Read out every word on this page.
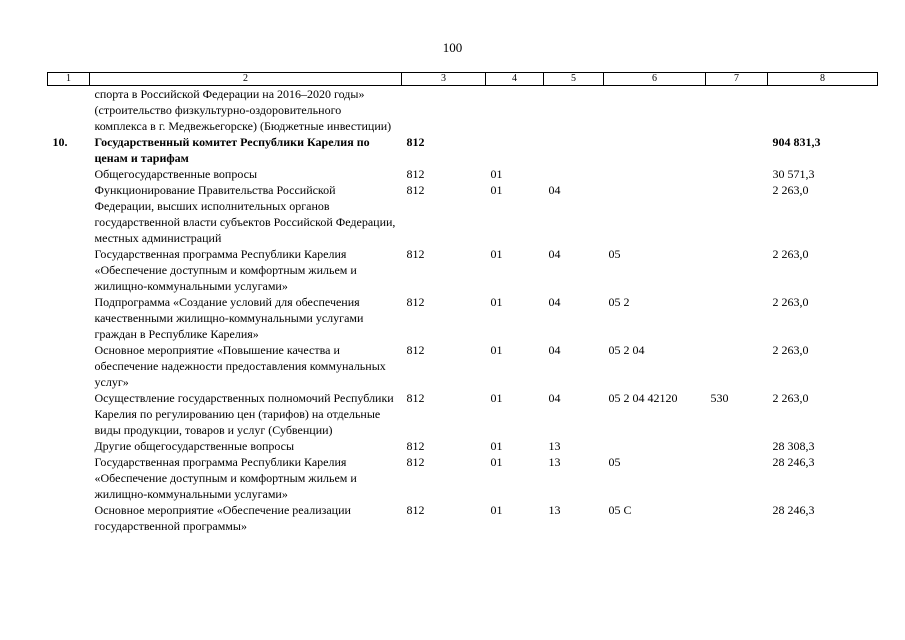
100
1	2	3	4	5	6	7	8
	спорта в Российской Федерации на 2016–2020 годы» (строительство физкультурно-оздоровительного комплекса в г. Медвежьегорске) (Бюджетные инвестиции)						
10.	Государственный комитет Республики Карелия по ценам и тарифам	812					904 831,3
	Общегосударственные вопросы	812	01				30 571,3
	Функционирование Правительства Российской Федерации, высших исполнительных органов государственной власти субъектов Российской Федерации, местных администраций	812	01	04			2 263,0
	Государственная программа Республики Карелия «Обеспечение доступным и комфортным жильем и жилищно-коммунальными услугами»	812	01	04	05		2 263,0
	Подпрограмма «Создание условий для обеспечения качественными жилищно-коммунальными услугами граждан в Республике Карелия»	812	01	04	05 2		2 263,0
	Основное мероприятие «Повышение качества и обеспечение надежности предоставления коммунальных услуг»	812	01	04	05 2 04		2 263,0
	Осуществление государственных полномочий Республики Карелия по регулированию цен (тарифов) на отдельные виды продукции, товаров и услуг (Субвенции)	812	01	04	05 2 04 42120	530	2 263,0
	Другие общегосударственные вопросы	812	01	13			28 308,3
	Государственная программа Республики Карелия «Обеспечение доступным и комфортным жильем и жилищно-коммунальными услугами»	812	01	13	05		28 246,3
	Основное мероприятие «Обеспечение реализации государственной программы»	812	01	13	05 С		28 246,3
